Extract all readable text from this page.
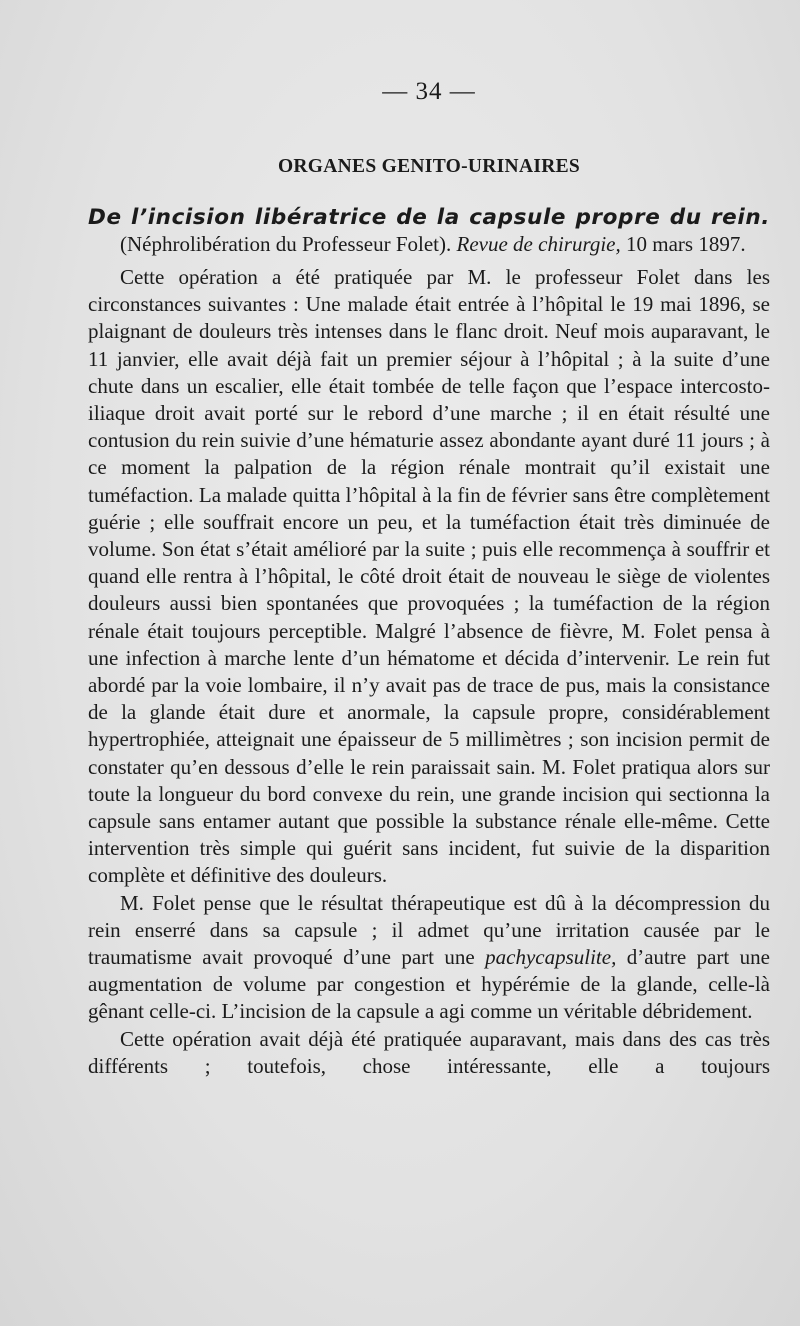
— 34 —
ORGANES GENITO-URINAIRES
De l’incision libératrice de la capsule propre du rein. (Néphrolibération du Professeur Folet). Revue de chirurgie, 10 mars 1897.

Cette opération a été pratiquée par M. le professeur Folet dans les circonstances suivantes : Une malade était entrée à l’hôpital le 19 mai 1896, se plaignant de douleurs très intenses dans le flanc droit. Neuf mois auparavant, le 11 janvier, elle avait déjà fait un premier séjour à l’hôpital ; à la suite d’une chute dans un escalier, elle était tombée de telle façon que l’espace intercosto-iliaque droit avait porté sur le rebord d’une marche ; il en était résulté une contusion du rein suivie d’une hématurie assez abondante ayant duré 11 jours ; à ce moment la palpation de la région rénale montrait qu’il existait une tuméfaction. La malade quitta l’hôpital à la fin de février sans être complètement guérie ; elle souffrait encore un peu, et la tuméfaction était très diminuée de volume. Son état s’était amélioré par la suite ; puis elle recommença à souffrir et quand elle rentra à l’hôpital, le côté droit était de nouveau le siège de violentes douleurs aussi bien spontanées que provoquées ; la tuméfaction de la région rénale était toujours perceptible. Malgré l’absence de fièvre, M. Folet pensa à une infection à marche lente d’un hématome et décida d’intervenir. Le rein fut abordé par la voie lombaire, il n’y avait pas de trace de pus, mais la consistance de la glande était dure et anormale, la capsule propre, considérablement hypertrophiée, atteignait une épaisseur de 5 millimètres ; son incision permit de constater qu’en dessous d’elle le rein paraissait sain. M. Folet pratiqua alors sur toute la longueur du bord convexe du rein, une grande incision qui sectionna la capsule sans entamer autant que possible la substance rénale elle-même. Cette intervention très simple qui guérit sans incident, fut suivie de la disparition complète et définitive des douleurs.

M. Folet pense que le résultat thérapeutique est dû à la décompression du rein enserré dans sa capsule ; il admet qu’une irritation causée par le traumatisme avait provoqué d’une part une pachycapsulite, d’autre part une augmentation de volume par congestion et hypérémie de la glande, celle-là gênant celle-ci. L’incision de la capsule a agi comme un véritable débridement.

Cette opération avait déjà été pratiquée auparavant, mais dans des cas très différents ; toutefois, chose intéressante, elle a toujours
